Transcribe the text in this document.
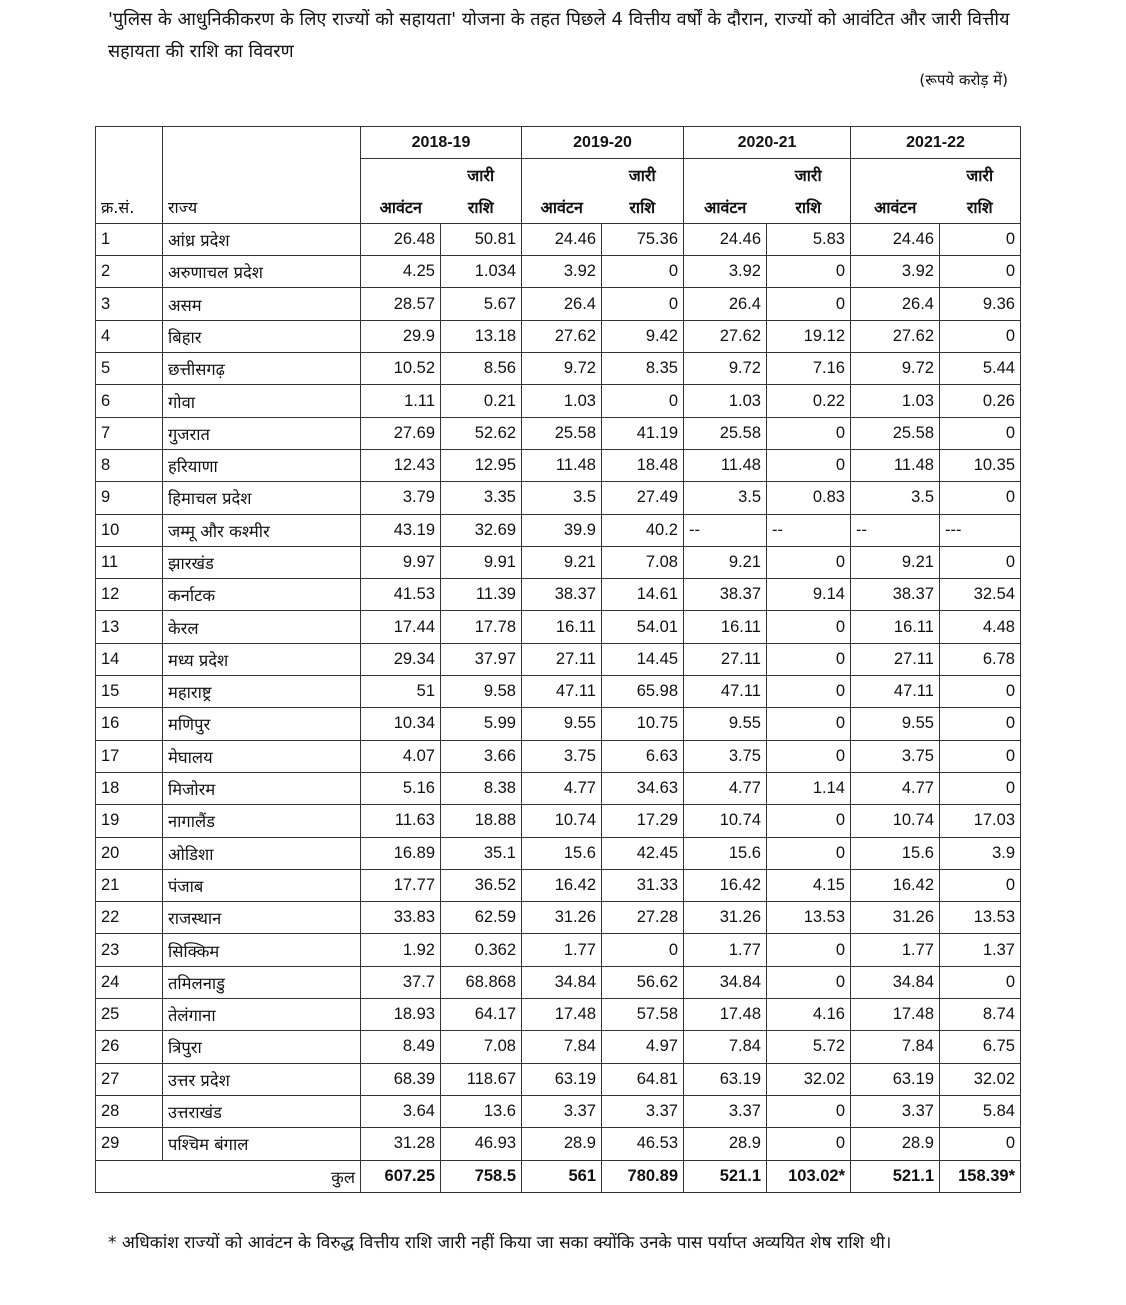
'पुलिस के आधुनिकीकरण के लिए राज्यों को सहायता' योजना के तहत पिछले 4 वित्तीय वर्षों के दौरान, राज्यों को आवंटित और जारी वित्तीय सहायता की राशि का विवरण
(रूपये करोड़ में)
		2018-19		2019-20		2020-21		2021-22	
			जारी		जारी		जारी		जारी
क्र.सं.	राज्य	आवंटन	राशि	आवंटन	राशि	आवंटन	राशि	आवंटन	राशि
1	आंध्र प्रदेश	26.48	50.81	24.46	75.36	24.46	5.83	24.46	0
2	अरुणाचल प्रदेश	4.25	1.034	3.92	0	3.92	0	3.92	0
3	असम	28.57	5.67	26.4	0	26.4	0	26.4	9.36
4	बिहार	29.9	13.18	27.62	9.42	27.62	19.12	27.62	0
5	छत्तीसगढ़	10.52	8.56	9.72	8.35	9.72	7.16	9.72	5.44
6	गोवा	1.11	0.21	1.03	0	1.03	0.22	1.03	0.26
7	गुजरात	27.69	52.62	25.58	41.19	25.58	0	25.58	0
8	हरियाणा	12.43	12.95	11.48	18.48	11.48	0	11.48	10.35
9	हिमाचल प्रदेश	3.79	3.35	3.5	27.49	3.5	0.83	3.5	0
10	जम्मू और कश्मीर	43.19	32.69	39.9	40.2	--	--	--	---
11	झारखंड	9.97	9.91	9.21	7.08	9.21	0	9.21	0
12	कर्नाटक	41.53	11.39	38.37	14.61	38.37	9.14	38.37	32.54
13	केरल	17.44	17.78	16.11	54.01	16.11	0	16.11	4.48
14	मध्य प्रदेश	29.34	37.97	27.11	14.45	27.11	0	27.11	6.78
15	महाराष्ट्र	51	9.58	47.11	65.98	47.11	0	47.11	0
16	मणिपुर	10.34	5.99	9.55	10.75	9.55	0	9.55	0
17	मेघालय	4.07	3.66	3.75	6.63	3.75	0	3.75	0
18	मिजोरम	5.16	8.38	4.77	34.63	4.77	1.14	4.77	0
19	नागालैंड	11.63	18.88	10.74	17.29	10.74	0	10.74	17.03
20	ओडिशा	16.89	35.1	15.6	42.45	15.6	0	15.6	3.9
21	पंजाब	17.77	36.52	16.42	31.33	16.42	4.15	16.42	0
22	राजस्थान	33.83	62.59	31.26	27.28	31.26	13.53	31.26	13.53
23	सिक्किम	1.92	0.362	1.77	0	1.77	0	1.77	1.37
24	तमिलनाडु	37.7	68.868	34.84	56.62	34.84	0	34.84	0
25	तेलंगाना	18.93	64.17	17.48	57.58	17.48	4.16	17.48	8.74
26	त्रिपुरा	8.49	7.08	7.84	4.97	7.84	5.72	7.84	6.75
27	उत्तर प्रदेश	68.39	118.67	63.19	64.81	63.19	32.02	63.19	32.02
28	उत्तराखंड	3.64	13.6	3.37	3.37	3.37	0	3.37	5.84
29	पश्चिम बंगाल	31.28	46.93	28.9	46.53	28.9	0	28.9	0
	कुल	607.25	758.5	561	780.89	521.1	103.02*	521.1	158.39*
* अधिकांश राज्यों को आवंटन के विरुद्ध वित्तीय राशि जारी नहीं किया जा सका क्योंकि उनके पास पर्याप्त अव्ययित शेष राशि थी।
